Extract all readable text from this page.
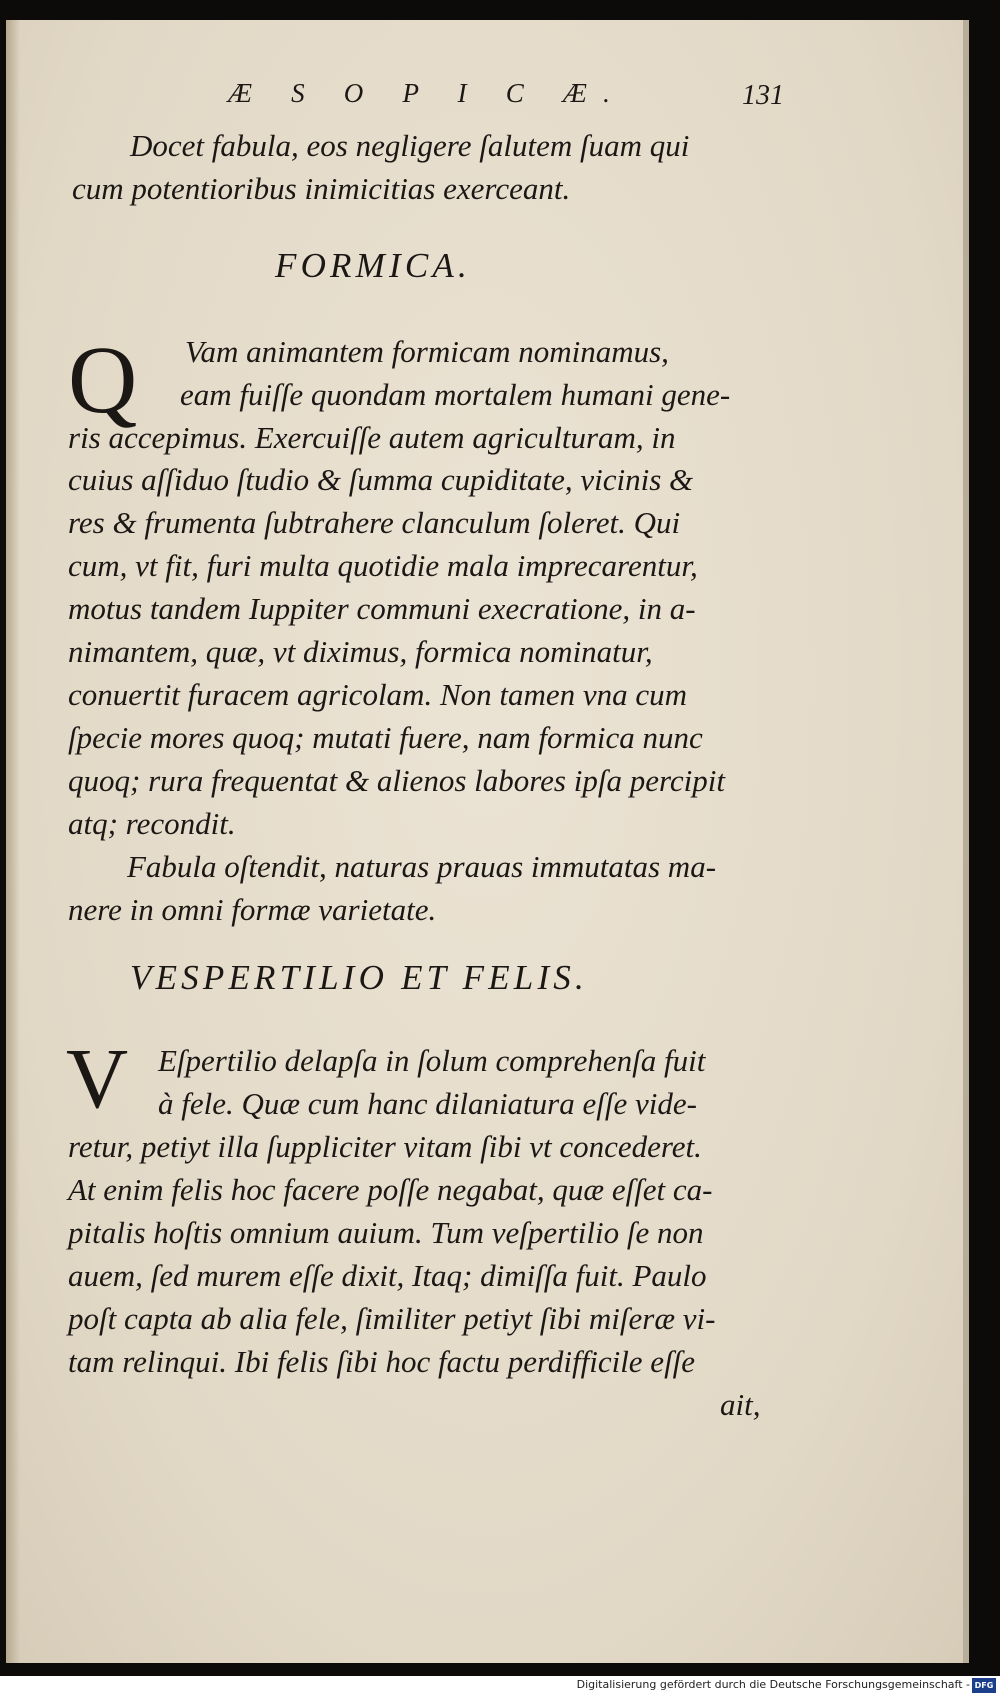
Æ S O P I C Æ.	131
Docet fabula, eos negligere ſalutem ſuam qui
cum potentioribus inimicitias exerceant.
FORMICA.
Q Vam animantem formicam nominamus,
eam fuiſſe quondam mortalem humani gene-
ris accepimus. Exercuiſſe autem agriculturam, in
cuius aſſiduo ſtudio & ſumma cupiditate, vicinis &
res & frumenta ſubtrahere clanculum ſoleret. Qui
cum, vt fit, furi multa quotidie mala imprecarentur,
motus tandem Iuppiter communi execratione, in a-
nimantem, quæ, vt diximus, formica nominatur,
conuertit furacem agricolam. Non tamen vna cum
ſpecie mores quoq; mutati fuere, nam formica nunc
quoq; rura frequentat & alienos labores ipſa percipit
atq; recondit.
Fabula oſtendit, naturas prauas immutatas ma-
nere in omni formæ varietate.
VESPERTILIO ET FELIS.
V Eſpertilio delapſa in ſolum comprehenſa fuit
à fele. Quæ cum hanc dilaniatura eſſe vide-
retur, petiyt illa ſuppliciter vitam ſibi vt concederet.
At enim felis hoc facere poſſe negabat, quæ eſſet ca-
pitalis hoſtis omnium auium. Tum veſpertilio ſe non
auem, ſed murem eſſe dixit, Itaq; dimiſſa fuit. Paulo
poſt capta ab alia fele, ſimiliter petiyt ſibi miſeræ vi-
tam relinqui. Ibi felis ſibi hoc factu perdifficile eſſe
ait,
Digitalisierung gefördert durch die Deutsche Forschungsgemeinschaft - DFG
